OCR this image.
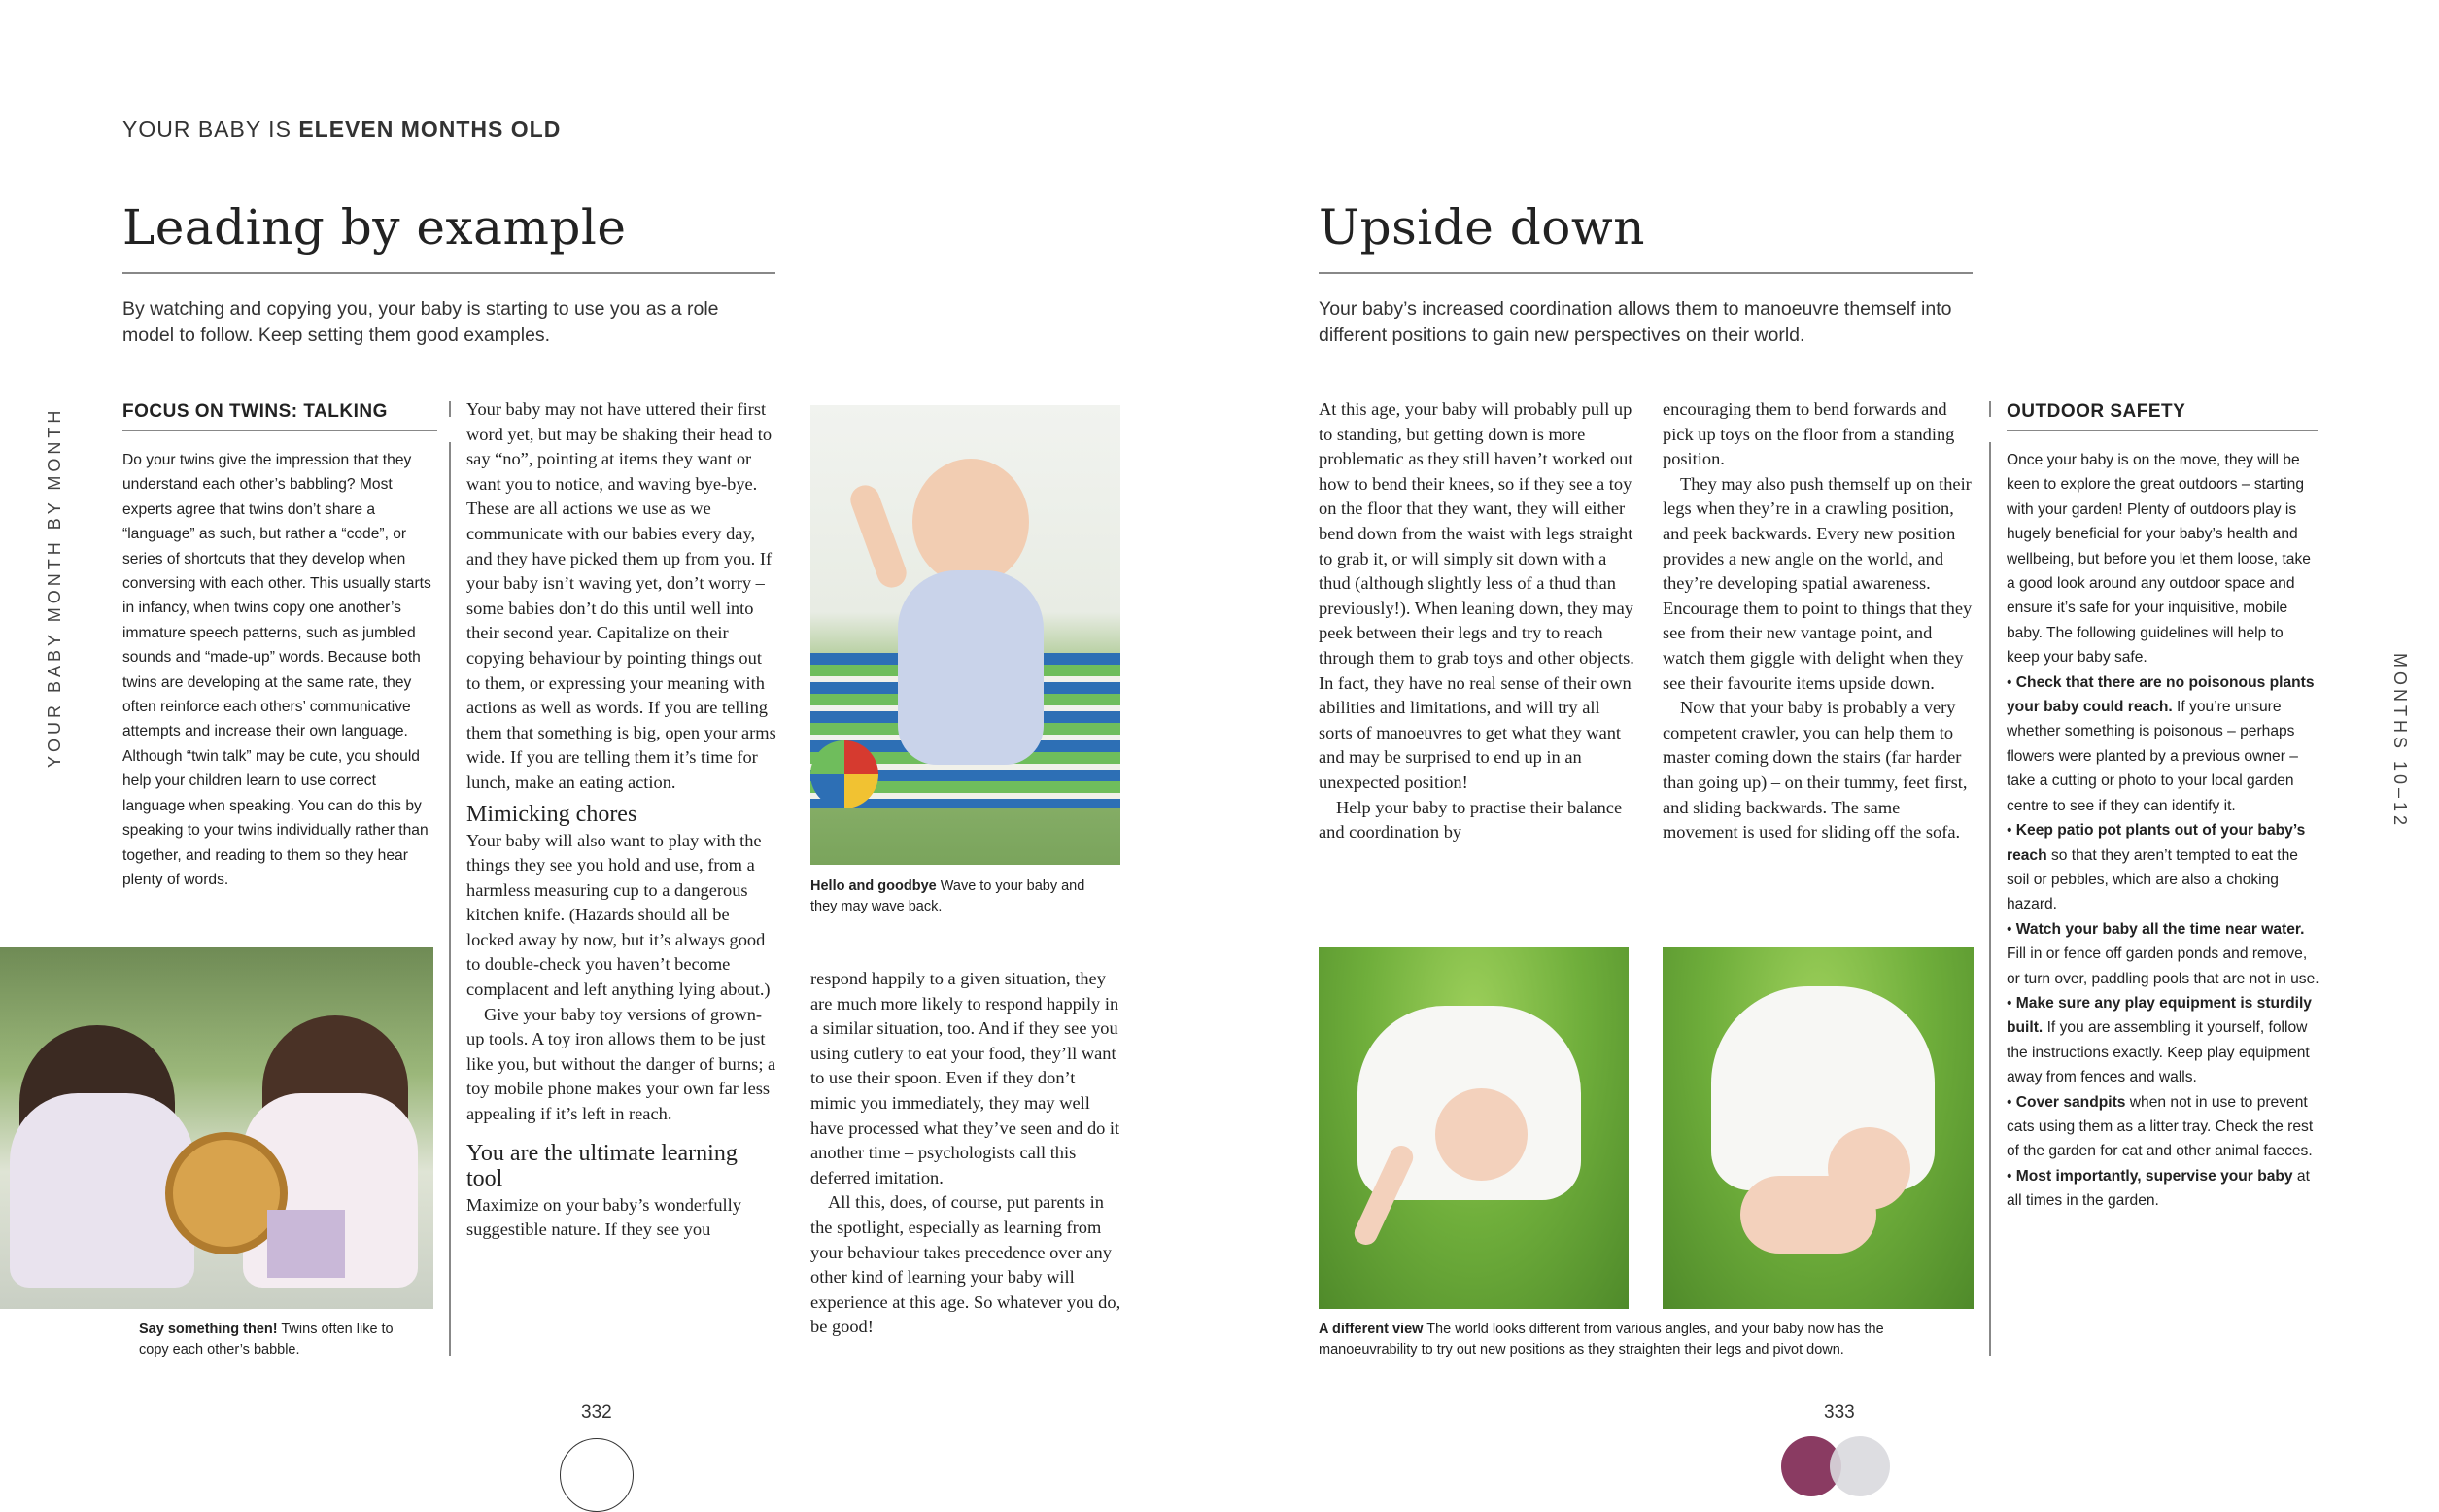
YOUR BABY IS ELEVEN MONTHS OLD
YOUR BABY MONTH BY MONTH	MONTHS 10–12
Leading by example
By watching and copying you, your baby is starting to use you as a role model to follow. Keep setting them good examples.
FOCUS ON TWINS: TALKING

Do your twins give the impression that they understand each other’s babbling? Most experts agree that twins don’t share a “language” as such, but rather a “code”, or series of shortcuts that they develop when conversing with each other. This usually starts in infancy, when twins copy one another’s immature speech patterns, such as jumbled sounds and “made-up” words. Because both twins are developing at the same rate, they often reinforce each others’ communicative attempts and increase their own language. Although “twin talk” may be cute, you should help your children learn to use correct language when speaking. You can do this by speaking to your twins individually rather than together, and reading to them so they hear plenty of words.

Say something then! Twins often like to copy each other’s babble.

Your baby may not have uttered their first word yet, but may be shaking their head to say “no”, pointing at items they want or want you to notice, and waving bye-bye. These are all actions we use as we communicate with our babies every day, and they have picked them up from you. If your baby isn’t waving yet, don’t worry – some babies don’t do this until well into their second year. Capitalize on their copying behaviour by pointing things out to them, or expressing your meaning with actions as well as words. If you are telling them that something is big, open your arms wide. If you are telling them it’s time for lunch, make an eating action.

Mimicking chores

Your baby will also want to play with the things they see you hold and use, from a harmless measuring cup to a dangerous kitchen knife. (Hazards should all be locked away by now, but it’s always good to double-check you haven’t become complacent and left anything lying about.)

Give your baby toy versions of grown-up tools. A toy iron allows them to be just like you, but without the danger of burns; a toy mobile phone makes your own far less appealing if it’s left in reach.

You are the ultimate learning tool

Maximize on your baby’s wonderfully suggestible nature. If they see you

Hello and goodbye Wave to your baby and they may wave back.

respond happily to a given situation, they are much more likely to respond happily in a similar situation, too. And if they see you using cutlery to eat your food, they’ll want to use their spoon. Even if they don’t mimic you immediately, they may well have processed what they’ve seen and do it another time – psychologists call this deferred imitation.

All this, does, of course, put parents in the spotlight, especially as learning from your behaviour takes precedence over any other kind of learning your baby will experience at this age. So whatever you do, be good!

332
Upside down
Your baby’s increased coordination allows them to manoeuvre themself into different positions to gain new perspectives on their world.

At this age, your baby will probably pull up to standing, but getting down is more problematic as they still haven’t worked out how to bend their knees, so if they see a toy on the floor that they want, they will either bend down from the waist with legs straight to grab it, or will simply sit down with a thud (although slightly less of a thud than previously!). When leaning down, they may peek between their legs and try to reach through them to grab toys and other objects. In fact, they have no real sense of their own abilities and limitations, and will try all sorts of manoeuvres to get what they want and may be surprised to end up in an unexpected position!

Help your baby to practise their balance and coordination by

encouraging them to bend forwards and pick up toys on the floor from a standing position.

They may also push themself up on their legs when they’re in a crawling position, and peek backwards. Every new position provides a new angle on the world, and they’re developing spatial awareness. Encourage them to point to things that they see from their new vantage point, and watch them giggle with delight when they see their favourite items upside down.

Now that your baby is probably a very competent crawler, you can help them to master coming down the stairs (far harder than going up) – on their tummy, feet first, and sliding backwards. The same movement is used for sliding off the sofa.

A different view The world looks different from various angles, and your baby now has the manoeuvrability to try out new positions as they straighten their legs and pivot down.
OUTDOOR SAFETY

Once your baby is on the move, they will be keen to explore the great outdoors – starting with your garden! Plenty of outdoors play is hugely beneficial for your baby’s health and wellbeing, but before you let them loose, take a good look around any outdoor space and ensure it’s safe for your inquisitive, mobile baby. The following guidelines will help to keep your baby safe.

• Check that there are no poisonous plants your baby could reach. If you’re unsure whether something is poisonous – perhaps flowers were planted by a previous owner – take a cutting or photo to your local garden centre to see if they can identify it.

• Keep patio pot plants out of your baby’s reach so that they aren’t tempted to eat the soil or pebbles, which are also a choking hazard.

• Watch your baby all the time near water. Fill in or fence off garden ponds and remove, or turn over, paddling pools that are not in use.

• Make sure any play equipment is sturdily built. If you are assembling it yourself, follow the instructions exactly. Keep play equipment away from fences and walls.

• Cover sandpits when not in use to prevent cats using them as a litter tray. Check the rest of the garden for cat and other animal faeces.

• Most importantly, supervise your baby at all times in the garden.

333
